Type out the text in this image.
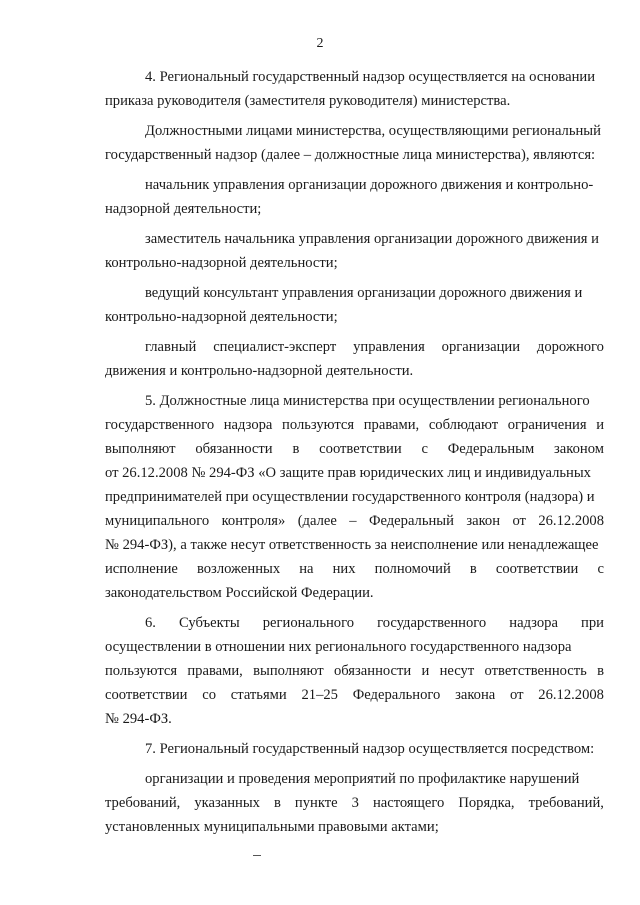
2
4. Региональный государственный надзор осуществляется на основании
приказа руководителя (заместителя руководителя) министерства.
Должностными лицами министерства, осуществляющими региональный
государственный надзор (далее – должностные лица министерства), являются:
начальник управления организации дорожного движения и контрольно-
надзорной деятельности;
заместитель начальника управления организации дорожного движения и
контрольно-надзорной деятельности;
ведущий консультант управления организации дорожного движения и
контрольно-надзорной деятельности;
главный специалист-эксперт управления организации дорожного
движения и контрольно-надзорной деятельности.
5. Должностные лица министерства при осуществлении регионального
государственного надзора пользуются правами, соблюдают ограничения и
выполняют обязанности в соответствии с Федеральным законом
от 26.12.2008 № 294-ФЗ «О защите прав юридических лиц и индивидуальных
предпринимателей при осуществлении государственного контроля (надзора) и
муниципального контроля» (далее – Федеральный закон от 26.12.2008
№ 294-ФЗ), а также несут ответственность за неисполнение или ненадлежащее
исполнение возложенных на них полномочий в соответствии с
законодательством Российской Федерации.
6. Субъекты регионального государственного надзора при
осуществлении в отношении них регионального государственного надзора
пользуются правами, выполняют обязанности и несут ответственность в
соответствии со статьями 21–25 Федерального закона от 26.12.2008
№ 294-ФЗ.
7. Региональный государственный надзор осуществляется посредством:
организации и проведения мероприятий по профилактике нарушений
требований, указанных в пункте 3 настоящего Порядка, требований,
установленных муниципальными правовыми актами;
